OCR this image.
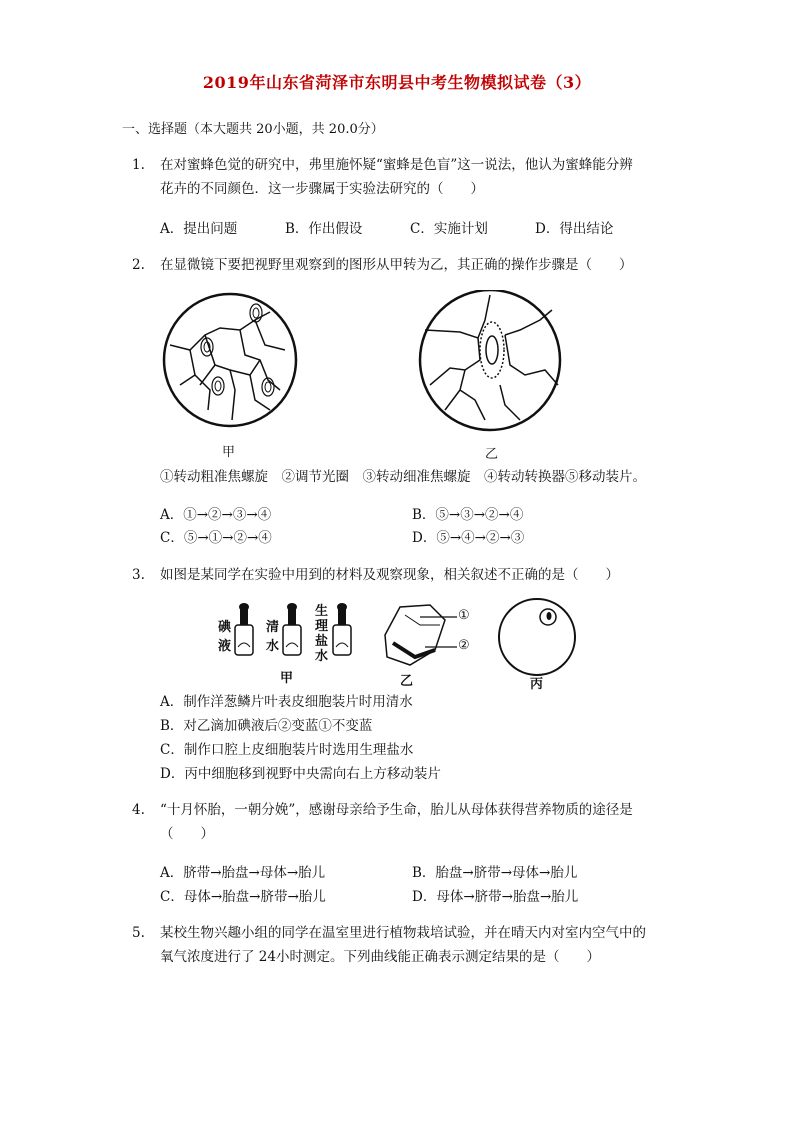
2019年山东省菏泽市东明县中考生物模拟试卷（3）
一、选择题（本大题共 20小题，共 20.0分）
1. 在对蜜蜂色觉的研究中，弗里施怀疑“蜜蜂是色盲”这一说法，他认为蜜蜂能分辨
花卉的不同颜色．这一步骤属于实验法研究的（　　）
A．提出问题	B．作出假设	C．实施计划	D．得出结论
2. 在显微镜下要把视野里观察到的图形从甲转为乙，其正确的操作步骤是（　　）
甲	乙
①转动粗准焦螺旋　②调节光圈　③转动细准焦螺旋　④转动转换器⑤移动装片。
A．①→②→③→④	B．⑤→③→②→④
C．⑤→①→②→④	D．⑤→④→②→③
3. 如图是某同学在实验中用到的材料及观察现象，相关叙述不正确的是（　　）
碘液
清水
生理盐水
甲	乙	丙
①
②
A．制作洋葱鳞片叶表皮细胞装片时用清水
B．对乙滴加碘液后②变蓝①不变蓝
C．制作口腔上皮细胞装片时选用生理盐水
D．丙中细胞移到视野中央需向右上方移动装片
4. “十月怀胎，一朝分娩”，感谢母亲给予生命，胎儿从母体获得营养物质的途径是
（　　）
A．脐带→胎盘→母体→胎儿	B．胎盘→脐带→母体→胎儿
C．母体→胎盘→脐带→胎儿	D．母体→脐带→胎盘→胎儿
5. 某校生物兴趣小组的同学在温室里进行植物栽培试验，并在晴天内对室内空气中的
氧气浓度进行了 24小时测定。下列曲线能正确表示测定结果的是（　　）
